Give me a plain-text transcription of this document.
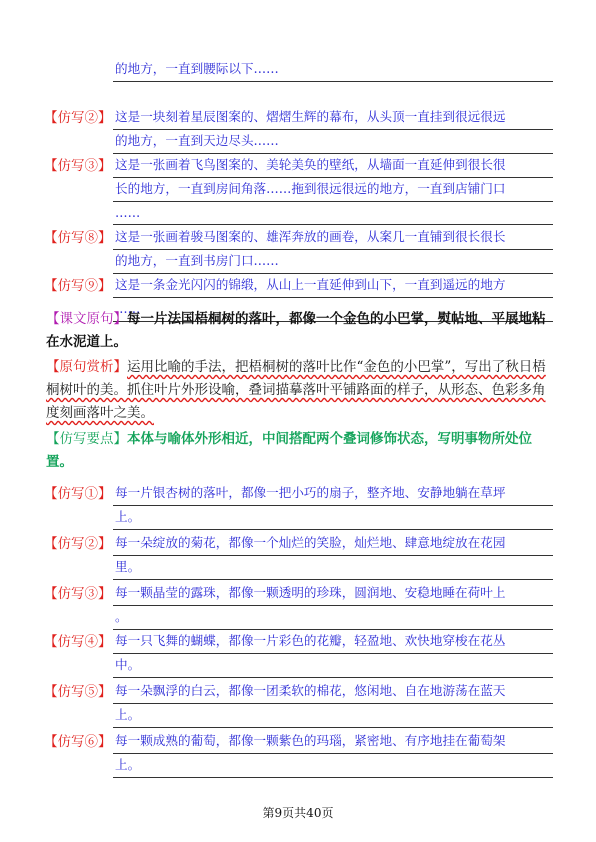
的地方，一直到腰际以下……
【仿写②】 这是一块刻着星辰图案的、熠熠生辉的幕布，从头顶一直挂到很远很远
的地方，一直到天边尽头……
【仿写③】 这是一张画着飞鸟图案的、美轮美奂的壁纸，从墙面一直延伸到很长很
长的地方，一直到房间角落……拖到很远很远的地方，一直到店铺门口
……
【仿写⑧】 这是一张画着骏马图案的、雄浑奔放的画卷，从案几一直铺到很长很长
的地方，一直到书房门口……
【仿写⑨】 这是一条金光闪闪的锦缎，从山上一直延伸到山下，一直到遥远的地方
……
【课文原句】每一片法国梧桐树的落叶，都像一个金色的小巴掌，熨帖地、平展地粘在水泥道上。
【原句赏析】运用比喻的手法，把梧桐树的落叶比作“金色的小巴掌”，写出了秋日梧桐树叶的美。抓住叶片外形设喻，叠词描摹落叶平铺路面的样子，从形态、色彩多角度刻画落叶之美。
【仿写要点】本体与喻体外形相近，中间搭配两个叠词修饰状态，写明事物所处位置。
【仿写①】 每一片银杏树的落叶，都像一把小巧的扇子，整齐地、安静地躺在草坪
上。
【仿写②】 每一朵绽放的菊花，都像一个灿烂的笑脸，灿烂地、肆意地绽放在花园
里。
【仿写③】 每一颗晶莹的露珠，都像一颗透明的珍珠，圆润地、安稳地睡在荷叶上
。
【仿写④】 每一只飞舞的蝴蝶，都像一片彩色的花瓣，轻盈地、欢快地穿梭在花丛
中。
【仿写⑤】 每一朵飘浮的白云，都像一团柔软的棉花，悠闲地、自在地游荡在蓝天
上。
【仿写⑥】 每一颗成熟的葡萄，都像一颗紫色的玛瑙，紧密地、有序地挂在葡萄架
上。
第9页共40页
